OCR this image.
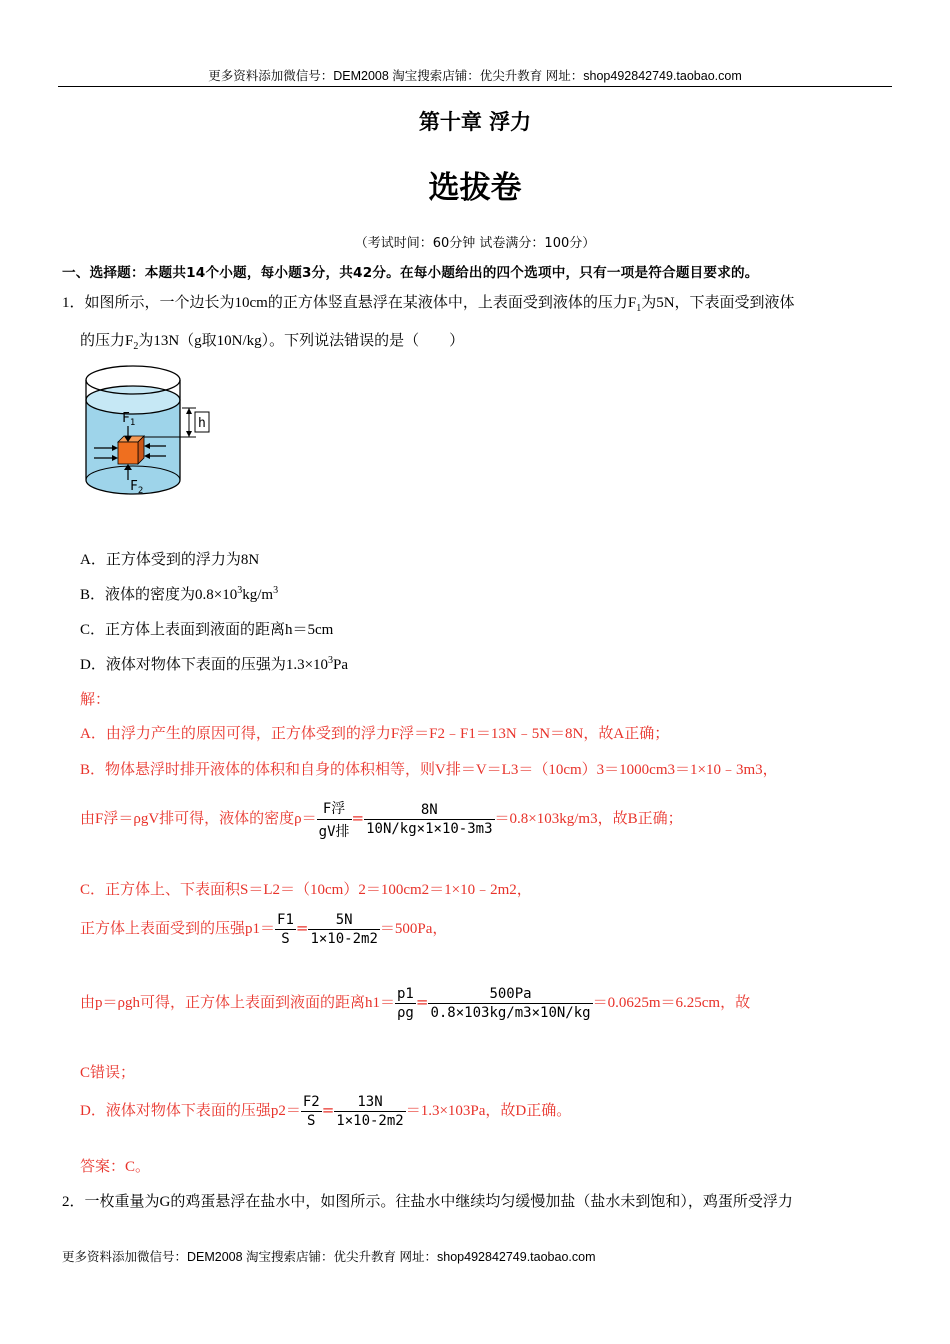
更多资料添加微信号：DEM2008 淘宝搜索店铺：优尖升教育 网址：shop492842749.taobao.com
第十章 浮力
选拔卷
（考试时间：60分钟 试卷满分：100分）
一、选择题：本题共14个小题，每小题3分，共42分。在每小题给出的四个选项中，只有一项是符合题目要求的。
1．如图所示，一个边长为10cm的正方体竖直悬浮在某液体中，上表面受到液体的压力$F_1$为5N，下表面受到液体
的压力$F_2$为13N（g取10N/kg）。下列说法错误的是（　　）
$F_1$
$F_2$
h
A．正方体受到的浮力为8N
B．液体的密度为$0.8\times 10^3kg/m^3$
C．正方体上表面到液面的距离h＝5cm
D．液体对物体下表面的压强为$1.3\times 10^3Pa$
解：
A．由浮力产生的原因可得，正方体受到的浮力F浮＝F2﹣F1＝13N﹣5N＝8N，故A正确；
B．物体悬浮时排开液体的体积和自身的体积相等，则V排＝V＝L3＝（10cm）3＝1000cm3＝1×10﹣3m3，
由F浮＝ρgV排可得，液体的密度$\rho= \frac{\text{F浮}}{\text{gV排}} = \frac{8N}{10N/kg\times 1\times 10-3m3} =0.8\times 103kg/m3$，故B正确；
C．正方体上、下表面积S＝L2＝（10cm）2＝100cm2＝1×10﹣2m2，
正方体上表面受到的压强$p1= \frac{F1}{S} = \frac{5N}{1\times 10-2m2} =500Pa$，
由p＝ρgh可得，正方体上表面到液面的距离$h1= \frac{p1}{\rho g} = \frac{500Pa}{0.8\times 103kg/m3\times 10N/kg} =0.0625m=6.25cm$，故
C错误；
D．液体对物体下表面的压强$p2= \frac{F2}{S} = \frac{13N}{1\times 10-2m2} =1.3\times 103Pa$，故D正确。
答案：C。
2．一枚重量为G的鸡蛋悬浮在盐水中，如图所示。往盐水中继续均匀缓慢加盐（盐水未到饱和），鸡蛋所受浮力
更多资料添加微信号：DEM2008 淘宝搜索店铺：优尖升教育 网址：shop492842749.taobao.com
